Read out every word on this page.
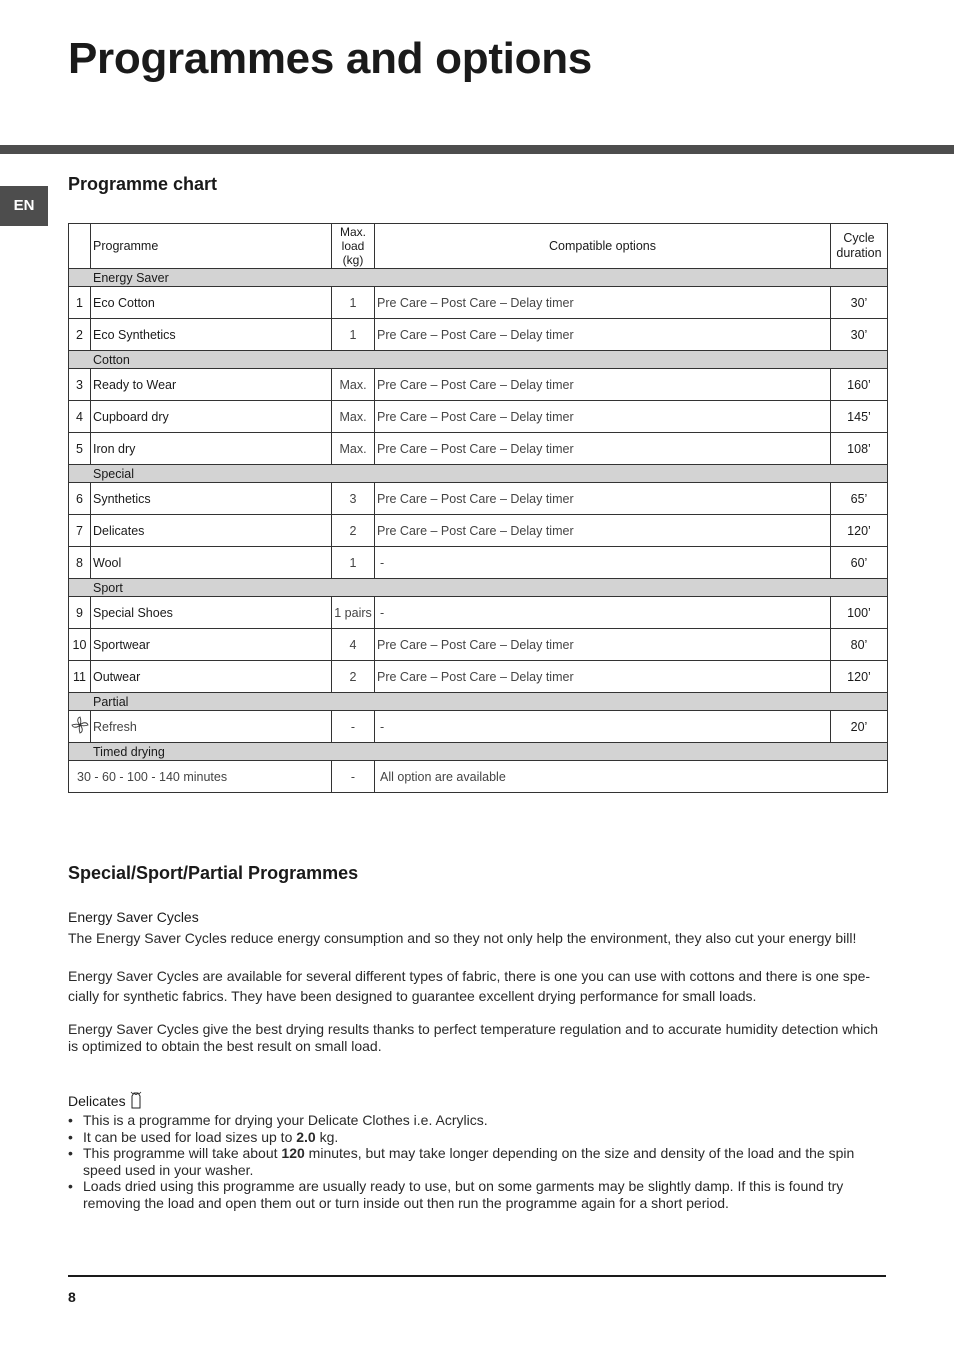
Programmes and options
EN
Programme chart
	Programme	Max. load (kg)	Compatible options	Cycle duration
Energy Saver				
1	Eco Cotton	1	Pre Care – Post Care – Delay timer	30’
2	Eco Synthetics	1	Pre Care – Post Care – Delay timer	30’
Cotton				
3	Ready to Wear	Max.	Pre Care – Post Care – Delay timer	160’
4	Cupboard dry	Max.	Pre Care – Post Care – Delay timer	145’
5	Iron dry	Max.	Pre Care – Post Care – Delay timer	108’
Special				
6	Synthetics	3	Pre Care – Post Care – Delay timer	65’
7	Delicates	2	Pre Care – Post Care – Delay timer	120’
8	Wool	1	-	60’
Sport				
9	Special Shoes	1 pairs	-	100’
10	Sportwear	4	Pre Care – Post Care – Delay timer	80’
11	Outwear	2	Pre Care – Post Care – Delay timer	120’
Partial				
	Refresh	-	-	20’
Timed drying				
30 - 60 - 100 - 140 minutes		-	All option are available	
Special/Sport/Partial Programmes
Energy Saver Cycles
The Energy Saver Cycles reduce energy consumption and so they not only help the environment, they also cut your energy bill!
Energy Saver Cycles are available for several different types of fabric, there is one you can use with cottons and there is one spe-cially for synthetic fabrics. They have been designed to guarantee excellent drying performance for small loads.
Energy Saver Cycles give the best drying results thanks to perfect temperature regulation and to accurate humidity detection which is optimized to obtain the best result on small load.
Delicates
• This is a programme for drying your Delicate Clothes i.e. Acrylics.
• It can be used for load sizes up to 2.0 kg.
• This programme will take about 120 minutes, but may take longer depending on the size and density of the load and the spin speed used in your washer.
• Loads dried using this programme are usually ready to use, but on some garments may be slightly damp. If this is found try removing the load and open them out or turn inside out then run the programme again for a short period.
8
